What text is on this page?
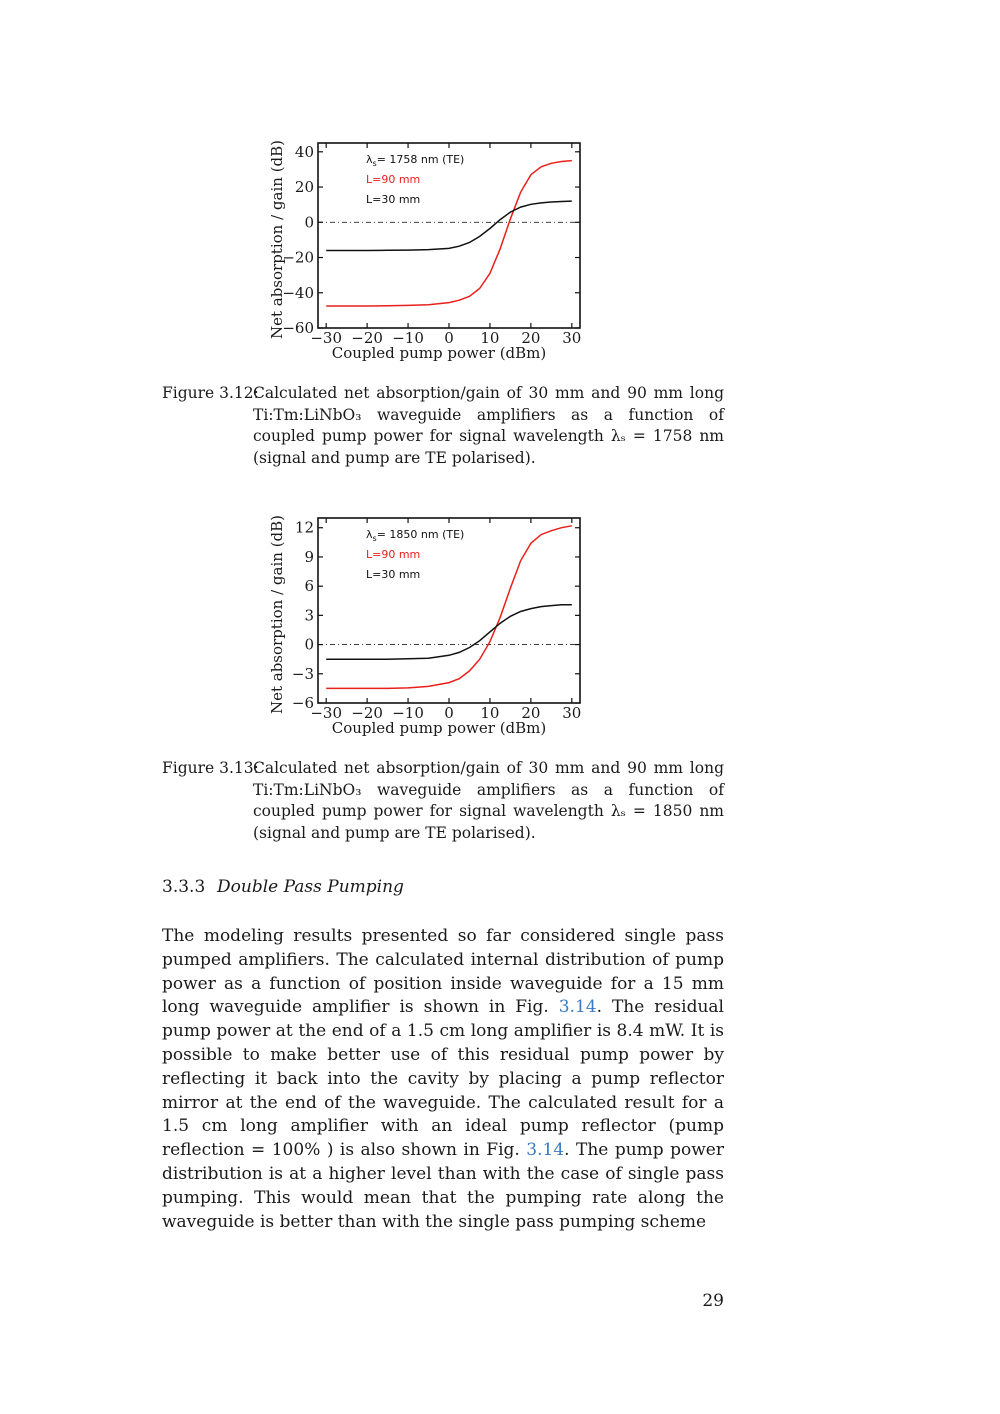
−30 −20 −10 0 10 20 30
40
20
0
−20
−40
−60
Coupled pump power (dBm)
Net absorption / gain (dB)	$\lambda_s= 1758$ nm (TE)
L=90 mm
L=30 mm
Figure 3.12:
Calculated net absorption/gain of 30 mm and 90 mm long Ti:Tm:LiNbO₃ waveguide amplifiers as a function of coupled pump power for signal wavelength λₛ = 1758 nm (signal and pump are TE polarised).
−30 −20 −10 0 10 20 30
12
9
6
3
0
−3
−6
Coupled pump power (dBm)
Net absorption / gain (dB)	$\lambda_s= 1850$ nm (TE)
L=90 mm
L=30 mm
Figure 3.13:
Calculated net absorption/gain of 30 mm and 90 mm long Ti:Tm:LiNbO₃ waveguide amplifiers as a function of coupled pump power for signal wavelength λₛ = 1850 nm (signal and pump are TE polarised).
3.3.3 Double Pass Pumping
The modeling results presented so far considered single pass pumped amplifiers. The calculated internal distribution of pump power as a function of position inside waveguide for a 15 mm long waveguide amplifier is shown in Fig. 3.14. The residual pump power at the end of a 1.5 cm long amplifier is 8.4 mW. It is possible to make better use of this residual pump power by reflecting it back into the cavity by placing a pump reflector mirror at the end of the waveguide. The calculated result for a 1.5 cm long amplifier with an ideal pump reflector (pump reflection = 100% ) is also shown in Fig. 3.14. The pump power distribution is at a higher level than with the case of single pass pumping. This would mean that the pumping rate along the waveguide is better than with the single pass pumping scheme
29
